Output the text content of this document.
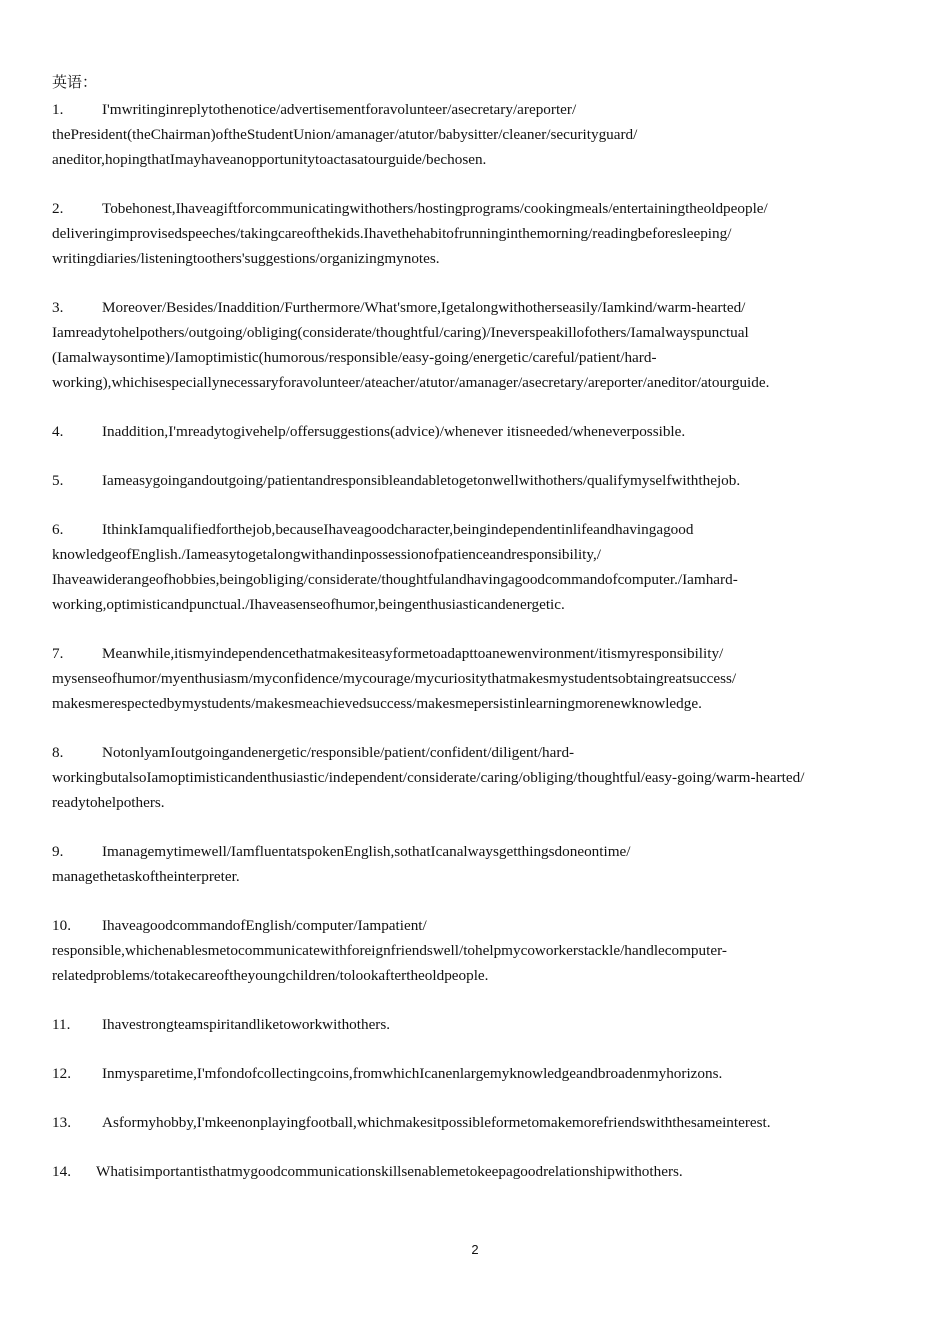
英语：
1.	I'mwritinginreplytothenotice/advertisementforavolunteer/asecretary/areporter/
thePresident(theChairman)oftheStudentUnion/amanager/atutor/babysitter/cleaner/securityguard/
aneditor,hopingthatImayhaveanopportunitytoactasatourguide/bechosen.
2.	Tobehonest,Ihaveagiftforcommunicatingwithothers/hostingprograms/cookingmeals/entertainingtheoldpeople/
deliveringimprovisedspeeches/takingcareofthekids.Ihavethehabitofrunninginthemorning/readingbeforesleeping/
writingdiaries/listeningtoothers'suggestions/organizingmynotes.
3.	Moreover/Besides/Inaddition/Furthermore/What'smore,Igetalongwithotherseasily/Iamkind/warm-hearted/
Iamreadytohelpothers/outgoing/obliging(considerate/thoughtful/caring)/Ineverspeakillofothers/Iamalwayspunctual
(Iamalwaysontime)/Iamoptimistic(humorous/responsible/easy-going/energetic/careful/patient/hard-
working),whichisespeciallynecessaryforavolunteer/ateacher/atutor/amanager/asecretary/areporter/aneditor/atourguide.
4.	Inaddition,I'mreadytogivehelp/offersuggestions(advice)/whenever itisneeded/wheneverpossible.
5.	Iameasygoingandoutgoing/patientandresponsibleandabletogetonwellwithothers/qualifymyselfwiththejob.
6.	IthinkIamqualifiedforthejob,becauseIhaveagoodcharacter,beingindependentinlifeandhavingagood
knowledgeofEnglish./Iameasytogetalongwithandinpossessionofpatienceandresponsibility,/
Ihaveawiderangeofhobbies,beingobliging/considerate/thoughtfulandhavingagoodcommandofcomputer./Iamhard-
working,optimisticandpunctual./Ihaveasenseofhumor,beingenthusiasticandenergetic.
7.	Meanwhile,itismyindependencethatmakesiteasyformetoadapttoanewenvironment/itismyresponsibility/
mysenseofhumor/myenthusiasm/myconfidence/mycourage/mycuriositythatmakesmystudentsobtaingreatsuccess/
makesmerespectedbymystudents/makesmeachievedsuccess/makesmepersistinlearningmorenewknowledge.
8.	NotonlyamIoutgoingandenergetic/responsible/patient/confident/diligent/hard-
workingbutalsoIamoptimisticandenthusiastic/independent/considerate/caring/obliging/thoughtful/easy-going/warm-hearted/
readytohelpothers.
9.	Imanagemytimewell/IamfluentatspokenEnglish,sothatIcanalwaysgetthingsdoneontime/
managethetaskoftheinterpreter.
10. IhaveagoodcommandofEnglish/computer/Iampatient/
responsible,whichenablesmetocommunicatewithforeignfriendswell/tohelpmycoworkerstackle/handlecomputer-
relatedproblems/totakecareoftheyoungchildren/tolookaftertheoldpeople.
11. Ihavestrongteamspiritandliketoworkwithothers.
12. Inmysparetime,I'mfondofcollectingcoins,fromwhichIcanenlargemyknowledgeandbroadenmyhorizons.
13. Asformyhobby,I'mkeenonplayingfootball,whichmakesitpossibleformetomakemorefriendswiththesameinterest.
14. Whatisimportantisthatmygoodcommunicationskillsenablemetokeepagoodrelationshipwithothers.
2
